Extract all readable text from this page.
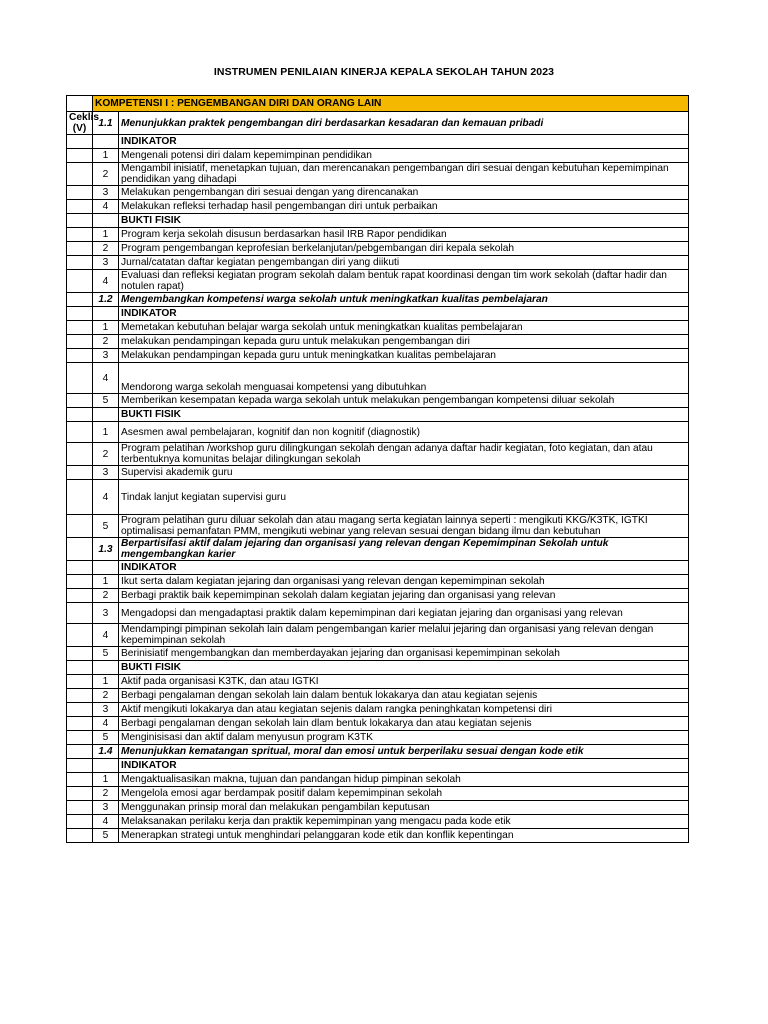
INSTRUMEN PENILAIAN KINERJA KEPALA SEKOLAH TAHUN 2023
	KOMPETENSI I : PENGEMBANGAN DIRI DAN ORANG LAIN	
Ceklis (V)	1.1	Menunjukkan praktek pengembangan diri berdasarkan kesadaran dan kemauan pribadi
		INDIKATOR
	1	Mengenali potensi diri dalam kepemimpinan pendidikan
	2	Mengambil inisiatif, menetapkan tujuan, dan merencanakan pengembangan diri sesuai dengan kebutuhan kepemimpinan pendidikan yang dihadapi
	3	Melakukan pengembangan diri sesuai dengan yang direncanakan
	4	Melakukan refleksi terhadap hasil pengembangan diri untuk perbaikan
		BUKTI FISIK
	1	Program kerja sekolah disusun berdasarkan hasil IRB Rapor pendidikan
	2	Program pengembangan keprofesian berkelanjutan/pebgembangan diri kepala sekolah
	3	Jurnal/catatan daftar kegiatan pengembangan diri yang diikuti
	4	Evaluasi dan refleksi kegiatan program sekolah dalam bentuk rapat koordinasi dengan tim work sekolah (daftar hadir dan notulen rapat)
	1.2	Mengembangkan kompetensi warga sekolah untuk meningkatkan kualitas pembelajaran
		INDIKATOR
	1	Memetakan kebutuhan belajar warga sekolah untuk meningkatkan kualitas pembelajaran
	2	melakukan pendampingan kepada guru untuk melakukan pengembangan diri
	3	Melakukan pendampingan kepada guru untuk meningkatkan kualitas pembelajaran
	4	Mendorong warga sekolah menguasai kompetensi yang dibutuhkan
	5	Memberikan kesempatan kepada warga sekolah untuk melakukan pengembangan kompetensi diluar sekolah
		BUKTI FISIK
	1	Asesmen awal pembelajaran, kognitif dan non kognitif (diagnostik)
	2	Program pelatihan /workshop guru dilingkungan sekolah dengan adanya daftar hadir kegiatan, foto kegiatan, dan atau terbentuknya komunitas belajar dilingkungan sekolah
	3	Supervisi akademik guru
	4	Tindak lanjut kegiatan supervisi guru
	5	Program pelatihan guru diluar sekolah dan atau magang serta kegiatan lainnya seperti : mengikuti KKG/K3TK, IGTKI optimalisasi pemanfatan PMM, mengikuti webinar yang relevan sesuai dengan bidang ilmu dan kebutuhan
	1.3	Berpartisifasi aktif dalam jejaring dan organisasi yang relevan dengan Kepemimpinan Sekolah untuk mengembangkan karier
		INDIKATOR
	1	Ikut serta dalam kegiatan jejaring dan organisasi yang relevan dengan kepemimpinan sekolah
	2	Berbagi praktik baik kepemimpinan sekolah dalam kegiatan jejaring dan organisasi yang relevan
	3	Mengadopsi dan mengadaptasi praktik dalam kepemimpinan dari kegiatan jejaring dan organisasi yang relevan
	4	Mendampingi pimpinan sekolah lain dalam pengembangan karier melalui jejaring dan organisasi yang relevan dengan kepemimpinan sekolah
	5	Berinisiatif mengembangkan dan memberdayakan jejaring dan organisasi kepemimpinan sekolah
		BUKTI FISIK
	1	Aktif pada organisasi K3TK, dan atau IGTKI
	2	Berbagi pengalaman dengan sekolah lain dalam bentuk lokakarya dan atau kegiatan sejenis
	3	Aktif mengikuti lokakarya dan atau kegiatan sejenis dalam rangka peninghkatan kompetensi diri
	4	Berbagi pengalaman dengan sekolah lain dlam bentuk lokakarya dan atau kegiatan sejenis
	5	Menginisisasi dan aktif dalam menyusun program K3TK
	1.4	Menunjukkan kematangan spritual, moral dan emosi untuk berperilaku sesuai dengan kode etik
		INDIKATOR
	1	Mengaktualisasikan makna, tujuan dan pandangan hidup pimpinan sekolah
	2	Mengelola emosi agar berdampak positif dalam kepemimpinan sekolah
	3	Menggunakan prinsip moral dan melakukan pengambilan keputusan
	4	Melaksanakan perilaku kerja dan praktik kepemimpinan yang mengacu pada kode etik
	5	Menerapkan strategi untuk menghindari pelanggaran kode etik dan konflik kepentingan
